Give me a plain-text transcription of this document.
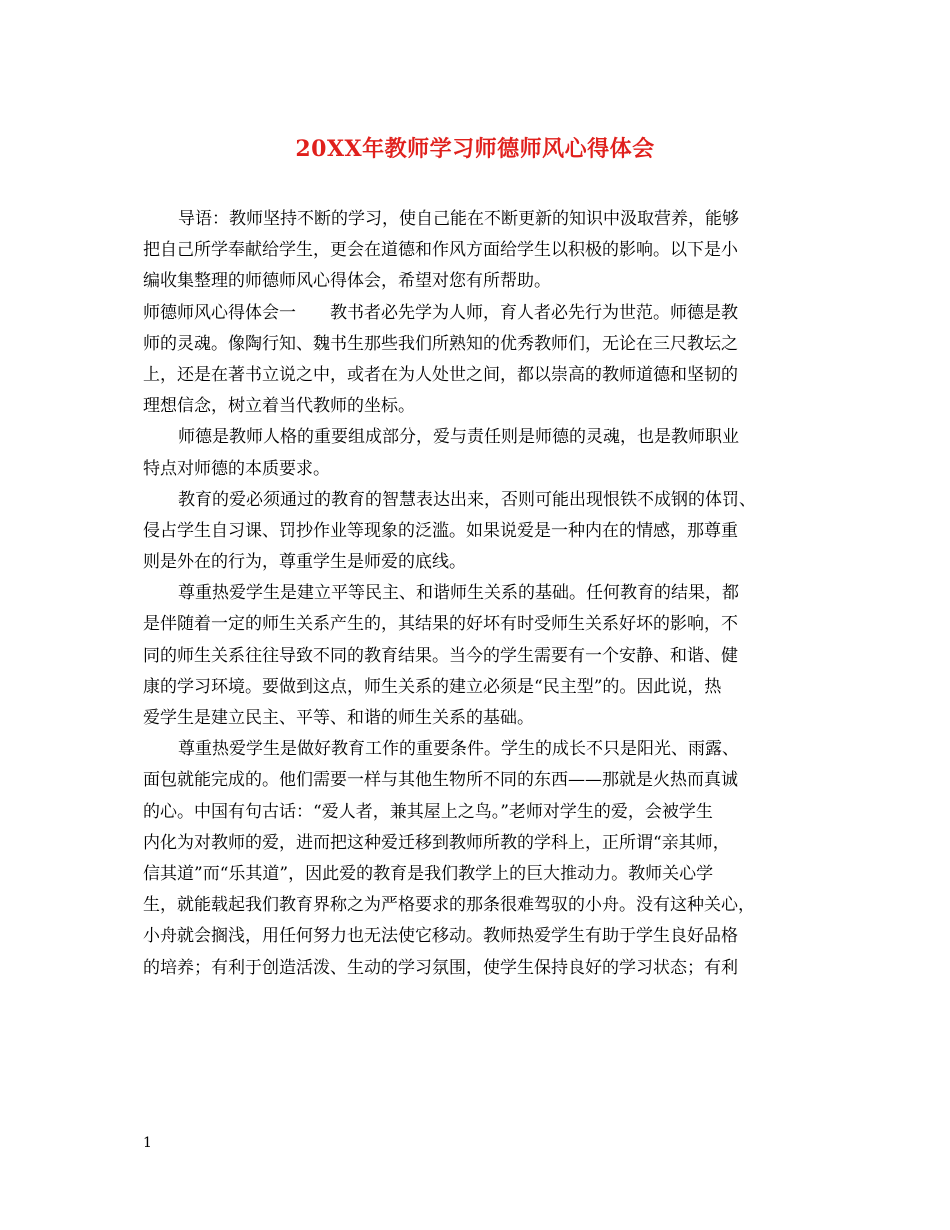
20XX年教师学习师德师风心得体会
导语：教师坚持不断的学习，使自己能在不断更新的知识中汲取营养，能够
把自己所学奉献给学生，更会在道德和作风方面给学生以积极的影响。以下是小
编收集整理的师德师风心得体会，希望对您有所帮助。
师德师风心得体会一　　教书者必先学为人师，育人者必先行为世范。师德是教
师的灵魂。像陶行知、魏书生那些我们所熟知的优秀教师们，无论在三尺教坛之
上，还是在著书立说之中，或者在为人处世之间，都以崇高的教师道德和坚韧的
理想信念，树立着当代教师的坐标。
师德是教师人格的重要组成部分，爱与责任则是师德的灵魂，也是教师职业
特点对师德的本质要求。
教育的爱必须通过的教育的智慧表达出来，否则可能出现恨铁不成钢的体罚、
侵占学生自习课、罚抄作业等现象的泛滥。如果说爱是一种内在的情感，那尊重
则是外在的行为，尊重学生是师爱的底线。
尊重热爱学生是建立平等民主、和谐师生关系的基础。任何教育的结果，都
是伴随着一定的师生关系产生的，其结果的好坏有时受师生关系好坏的影响，不
同的师生关系往往导致不同的教育结果。当今的学生需要有一个安静、和谐、健
康的学习环境。要做到这点，师生关系的建立必须是“民主型”的。因此说，热
爱学生是建立民主、平等、和谐的师生关系的基础。
尊重热爱学生是做好教育工作的重要条件。学生的成长不只是阳光、雨露、
面包就能完成的。他们需要一样与其他生物所不同的东西——那就是火热而真诚
的心。中国有句古话：“爱人者，兼其屋上之鸟。”老师对学生的爱，会被学生
内化为对教师的爱，进而把这种爱迁移到教师所教的学科上，正所谓“亲其师，
信其道”而“乐其道”，因此爱的教育是我们教学上的巨大推动力。教师关心学
生，就能载起我们教育界称之为严格要求的那条很难驾驭的小舟。没有这种关心，
小舟就会搁浅，用任何努力也无法使它移动。教师热爱学生有助于学生良好品格
的培养；有利于创造活泼、生动的学习氛围，使学生保持良好的学习状态；有利
1
